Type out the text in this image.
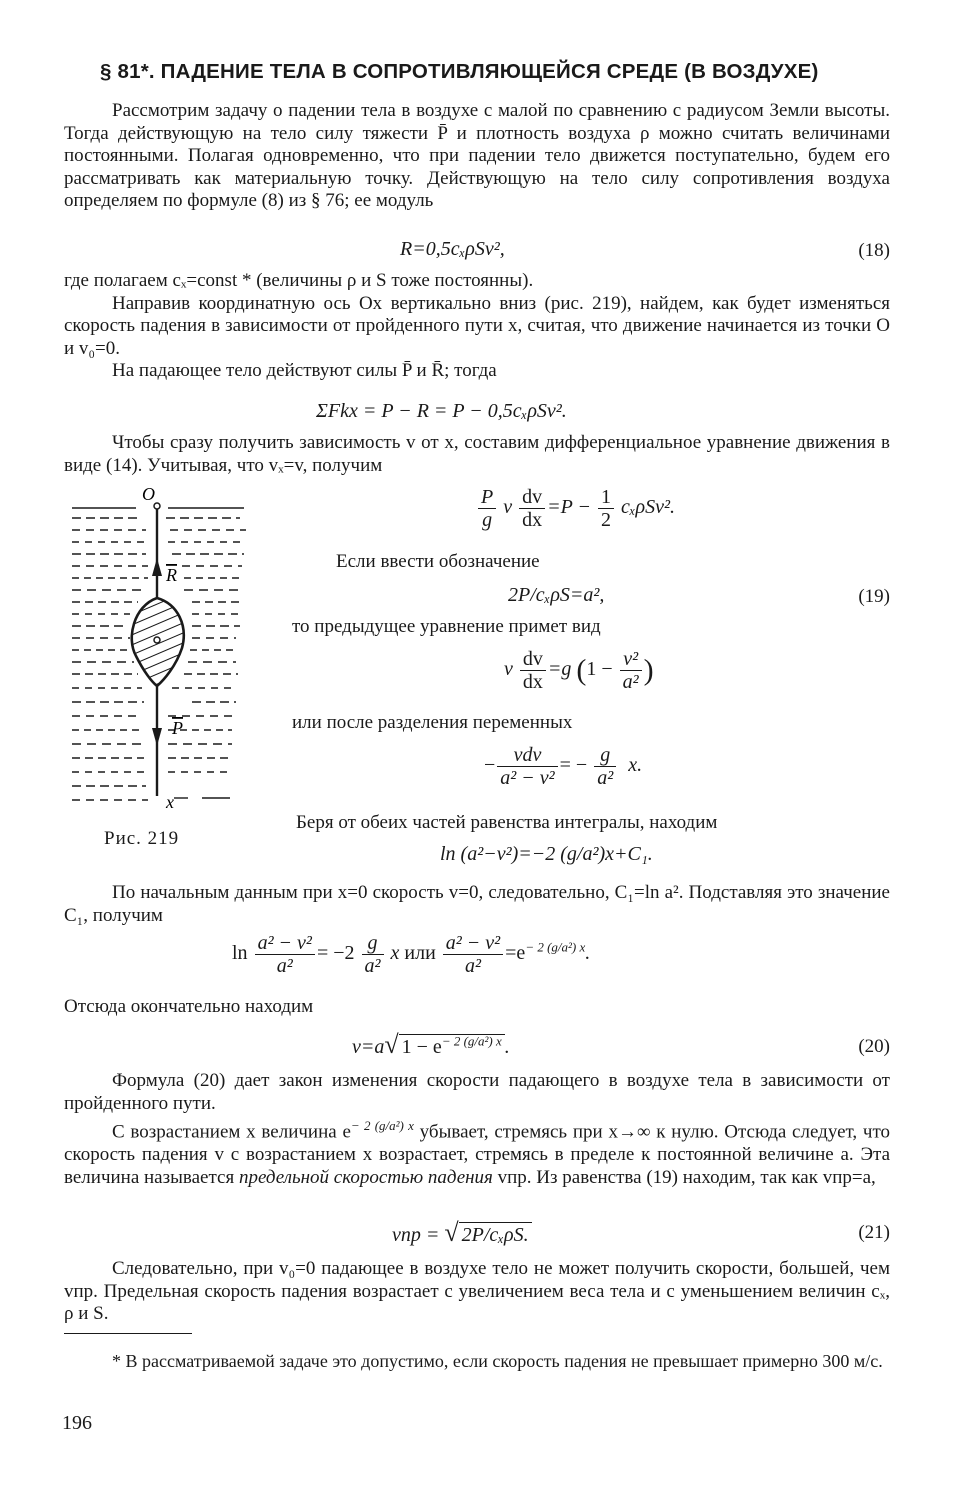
§ 81*. ПАДЕНИЕ ТЕЛА В СОПРОТИВЛЯЮЩЕЙСЯ СРЕДЕ (В ВОЗДУХЕ)

Рассмотрим задачу о падении тела в воздухе с малой по сравнению с радиусом Земли высоты. Тогда действующую на тело силу тяжести P̄ и плотность воздуха ρ можно считать величинами постоянными. Полагая одновременно, что при падении тело движется поступательно, будем его рассматривать как материальную точку. Действующую на тело силу сопротивления воздуха определяем по формуле (8) из § 76; ее модуль

R=0,5cₓρSv²,	(18)

где полагаем cₓ=const * (величины ρ и S тоже постоянны).

Направив координатную ось Ox вертикально вниз (рис. 219), найдем, как будет изменяться скорость падения в зависимости от пройденного пути x, считая, что движение начинается из точки O и v₀=0.

На падающее тело действуют силы P̄ и R̄; тогда

ΣFkx = P − R = P − 0,5cₓρSv².

Чтобы сразу получить зависимость v от x, составим дифференциальное уравнение движения в виде (14). Учитывая, что vₓ=v, получим

O
R
P
x
Рис. 219
$\frac{P}{g}$ v $\frac{dv}{dx} =P - \frac{1}{2} c_x\rho Sv^2$.

Если ввести обозначение

2P/cₓρS=a²,	(19)

то предыдущее уравнение примет вид

v $\frac{dv}{dx} =g$ ($1 - \frac{\text{v²}}{\text{a²}}$ )

или после разделения переменных

− $\frac{\text{vdv}}{\text{a² − v²}}$ = − $\frac{g}{\text{a²}} x$.

Беря от обеих частей равенства интегралы, находим

ln (a²−v²)=−2 (g/a²)x+C₁.

По начальным данным при x=0 скорость v=0, следовательно, C₁=ln a². Подставляя это значение C₁, получим

$\ln \frac{\text{a² − v²}}{\text{a²}} = -2 \frac{g}{\text{a²}}$ x или $\frac{\text{a² − v²}}{\text{a²}} =e^{- 2 (g/a^2) x}$.

Отсюда окончательно находим

v=a√ $1 - e^{- 2 (g/a^2) x}$ .	(20)

Формула (20) дает закон изменения скорости падающего в воздухе тела в зависимости от пройденного пути.

С возрастанием x величина $e^{- 2 (g/a^2) x}$ убывает, стремясь при x→∞ к нулю. Отсюда следует, что скорость падения v с возрастанием x возрастает, стремясь в пределе к постоянной величине a. Эта величина называется предельной скоростью падения vпр. Из равенства (19) находим, так как vпр=a,

vпр = √ 2P/cₓρS.	(21)

Следовательно, при v₀=0 падающее в воздухе тело не может получить скорости, большей, чем vпр. Предельная скорость падения возрастает с увеличением веса тела и с уменьшением величин cₓ, ρ и S.

* В рассматриваемой задаче это допустимо, если скорость падения не превышает примерно 300 м/с.

196
